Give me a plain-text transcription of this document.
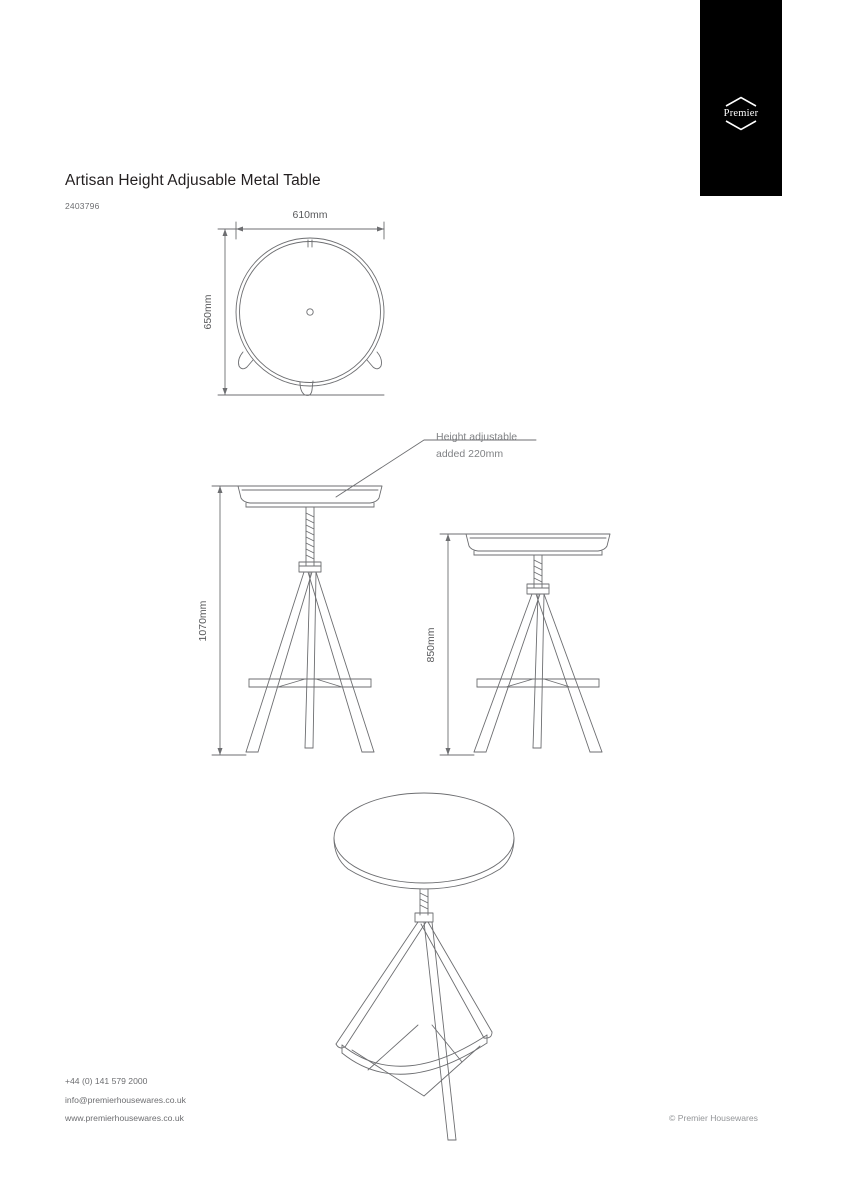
Premier
Artisan Height Adjusable Metal Table
2403796
610mm
650mm
1070mm
850mm
Height adjustable
added 220mm
+44 (0) 141 579 2000
info@premierhousewares.co.uk
www.premierhousewares.co.uk	© Premier Housewares
